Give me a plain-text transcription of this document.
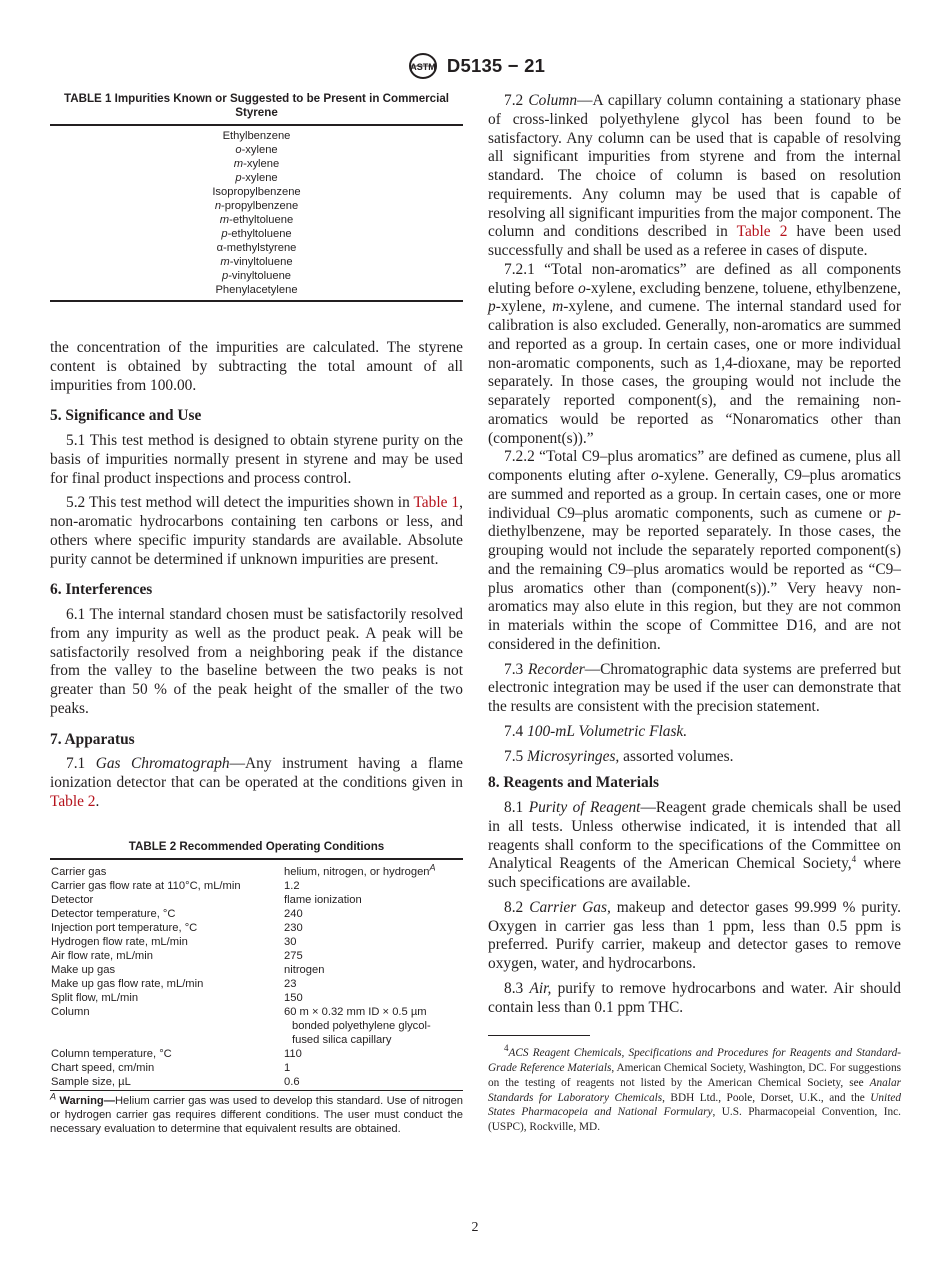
ASTM D5135 − 21
TABLE 1 Impurities Known or Suggested to be Present in Commercial Styrene
Ethylbenzene
o-xylene
m-xylene
p-xylene
Isopropylbenzene
n-propylbenzene
m-ethyltoluene
p-ethyltoluene
α-methylstyrene
m-vinyltoluene
p-vinyltoluene
Phenylacetylene

the concentration of the impurities are calculated. The styrene content is obtained by subtracting the total amount of all impurities from 100.00.

5. Significance and Use

5.1 This test method is designed to obtain styrene purity on the basis of impurities normally present in styrene and may be used for final product inspections and process control.

5.2 This test method will detect the impurities shown in Table 1, non-aromatic hydrocarbons containing ten carbons or less, and others where specific impurity standards are available. Absolute purity cannot be determined if unknown impurities are present.

6. Interferences

6.1 The internal standard chosen must be satisfactorily resolved from any impurity as well as the product peak. A peak will be satisfactorily resolved from a neighboring peak if the distance from the valley to the baseline between the two peaks is not greater than 50 % of the peak height of the smaller of the two peaks.

7. Apparatus

7.1 Gas Chromatograph—Any instrument having a flame ionization detector that can be operated at the conditions given in Table 2.

TABLE 2 Recommended Operating Conditions
Carrier gas	helium, nitrogen, or hydrogen$^A$
Carrier gas flow rate at 110°C, mL/min	1.2
Detector	flame ionization
Detector temperature, °C	240
Injection port temperature, °C	230
Hydrogen flow rate, mL/min	30
Air flow rate, mL/min	275
Make up gas	nitrogen
Make up gas flow rate, mL/min	23
Split flow, mL/min	150
Column	60 m × 0.32 mm ID × 0.5 µm
bonded polyethylene glycol-
fused silica capillary

Column temperature, °C	110
Chart speed, cm/min	1
Sample size, µL	0.6
$^A$ Warning—Helium carrier gas was used to develop this standard. Use of nitrogen or hydrogen carrier gas requires different conditions. The user must conduct the necessary evaluation to determine that equivalent results are obtained.

7.2 Column—A capillary column containing a stationary phase of cross-linked polyethylene glycol has been found to be satisfactory. Any column can be used that is capable of resolving all significant impurities from styrene and from the internal standard. The choice of column is based on resolution requirements. Any column may be used that is capable of resolving all significant impurities from the major component. The column and conditions described in Table 2 have been used successfully and shall be used as a referee in cases of dispute.

7.2.1 “Total non-aromatics” are defined as all components eluting before o-xylene, excluding benzene, toluene, ethylbenzene, p-xylene, m-xylene, and cumene. The internal standard used for calibration is also excluded. Generally, non-aromatics are summed and reported as a group. In certain cases, one or more individual non-aromatic components, such as 1,4-dioxane, may be reported separately. In those cases, the grouping would not include the separately reported component(s), and the remaining non-aromatics would be reported as “Nonaromatics other than (component(s)).”

7.2.2 “Total C9–plus aromatics” are defined as cumene, plus all components eluting after o-xylene. Generally, C9–plus aromatics are summed and reported as a group. In certain cases, one or more individual C9–plus aromatic components, such as cumene or p-diethylbenzene, may be reported separately. In those cases, the grouping would not include the separately reported component(s) and the remaining C9–plus aromatics would be reported as “C9–plus aromatics other than (component(s)).” Very heavy non-aromatics may also elute in this region, but they are not common in materials within the scope of Committee D16, and are not considered in the definition.

7.3 Recorder—Chromatographic data systems are preferred but electronic integration may be used if the user can demonstrate that the results are consistent with the precision statement.

7.4 100-mL Volumetric Flask.

7.5 Microsyringes, assorted volumes.

8. Reagents and Materials

8.1 Purity of Reagent—Reagent grade chemicals shall be used in all tests. Unless otherwise indicated, it is intended that all reagents shall conform to the specifications of the Committee on Analytical Reagents of the American Chemical Society,$^4$ where such specifications are available.

8.2 Carrier Gas, makeup and detector gases 99.999 % purity. Oxygen in carrier gas less than 1 ppm, less than 0.5 ppm is preferred. Purify carrier, makeup and detector gases to remove oxygen, water, and hydrocarbons.

8.3 Air, purify to remove hydrocarbons and water. Air should contain less than 0.1 ppm THC.

$^4$ACS Reagent Chemicals, Specifications and Procedures for Reagents and Standard-Grade Reference Materials, American Chemical Society, Washington, DC. For suggestions on the testing of reagents not listed by the American Chemical Society, see Analar Standards for Laboratory Chemicals, BDH Ltd., Poole, Dorset, U.K., and the United States Pharmacopeia and National Formulary, U.S. Pharmacopeial Convention, Inc. (USPC), Rockville, MD.

2
